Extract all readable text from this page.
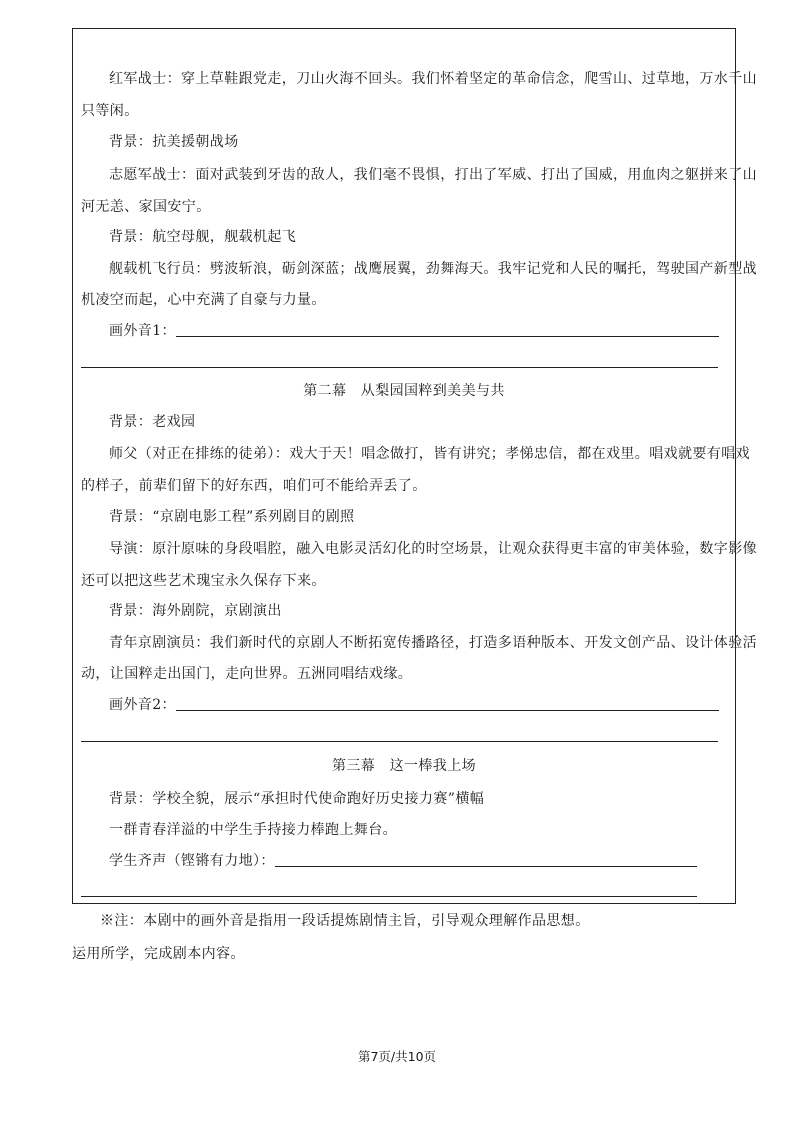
红军战士：穿上草鞋跟党走，刀山火海不回头。我们怀着坚定的革命信念，爬雪山、过草地，万水千山
只等闲。
背景：抗美援朝战场
志愿军战士：面对武装到牙齿的敌人，我们毫不畏惧，打出了军威、打出了国威，用血肉之躯拼来了山
河无恙、家国安宁。
背景：航空母舰，舰载机起飞
舰载机飞行员：劈波斩浪，砺剑深蓝；战鹰展翼，劲舞海天。我牢记党和人民的嘱托，驾驶国产新型战
机凌空而起，心中充满了自豪与力量。
画外音1：
第二幕　从梨园国粹到美美与共
背景：老戏园
师父（对正在排练的徒弟）：戏大于天！唱念做打，皆有讲究；孝悌忠信，都在戏里。唱戏就要有唱戏
的样子，前辈们留下的好东西，咱们可不能给弄丢了。
背景：“京剧电影工程”系列剧目的剧照
导演：原汁原味的身段唱腔，融入电影灵活幻化的时空场景，让观众获得更丰富的审美体验，数字影像
还可以把这些艺术瑰宝永久保存下来。
背景：海外剧院，京剧演出
青年京剧演员：我们新时代的京剧人不断拓宽传播路径，打造多语种版本、开发文创产品、设计体验活
动，让国粹走出国门，走向世界。五洲同唱结戏缘。
画外音2：
第三幕　这一棒我上场
背景：学校全貌，展示“承担时代使命跑好历史接力赛”横幅
一群青春洋溢的中学生手持接力棒跑上舞台。
学生齐声（铿锵有力地）：
※注：本剧中的画外音是指用一段话提炼剧情主旨，引导观众理解作品思想。
运用所学，完成剧本内容。
第7页/共10页
